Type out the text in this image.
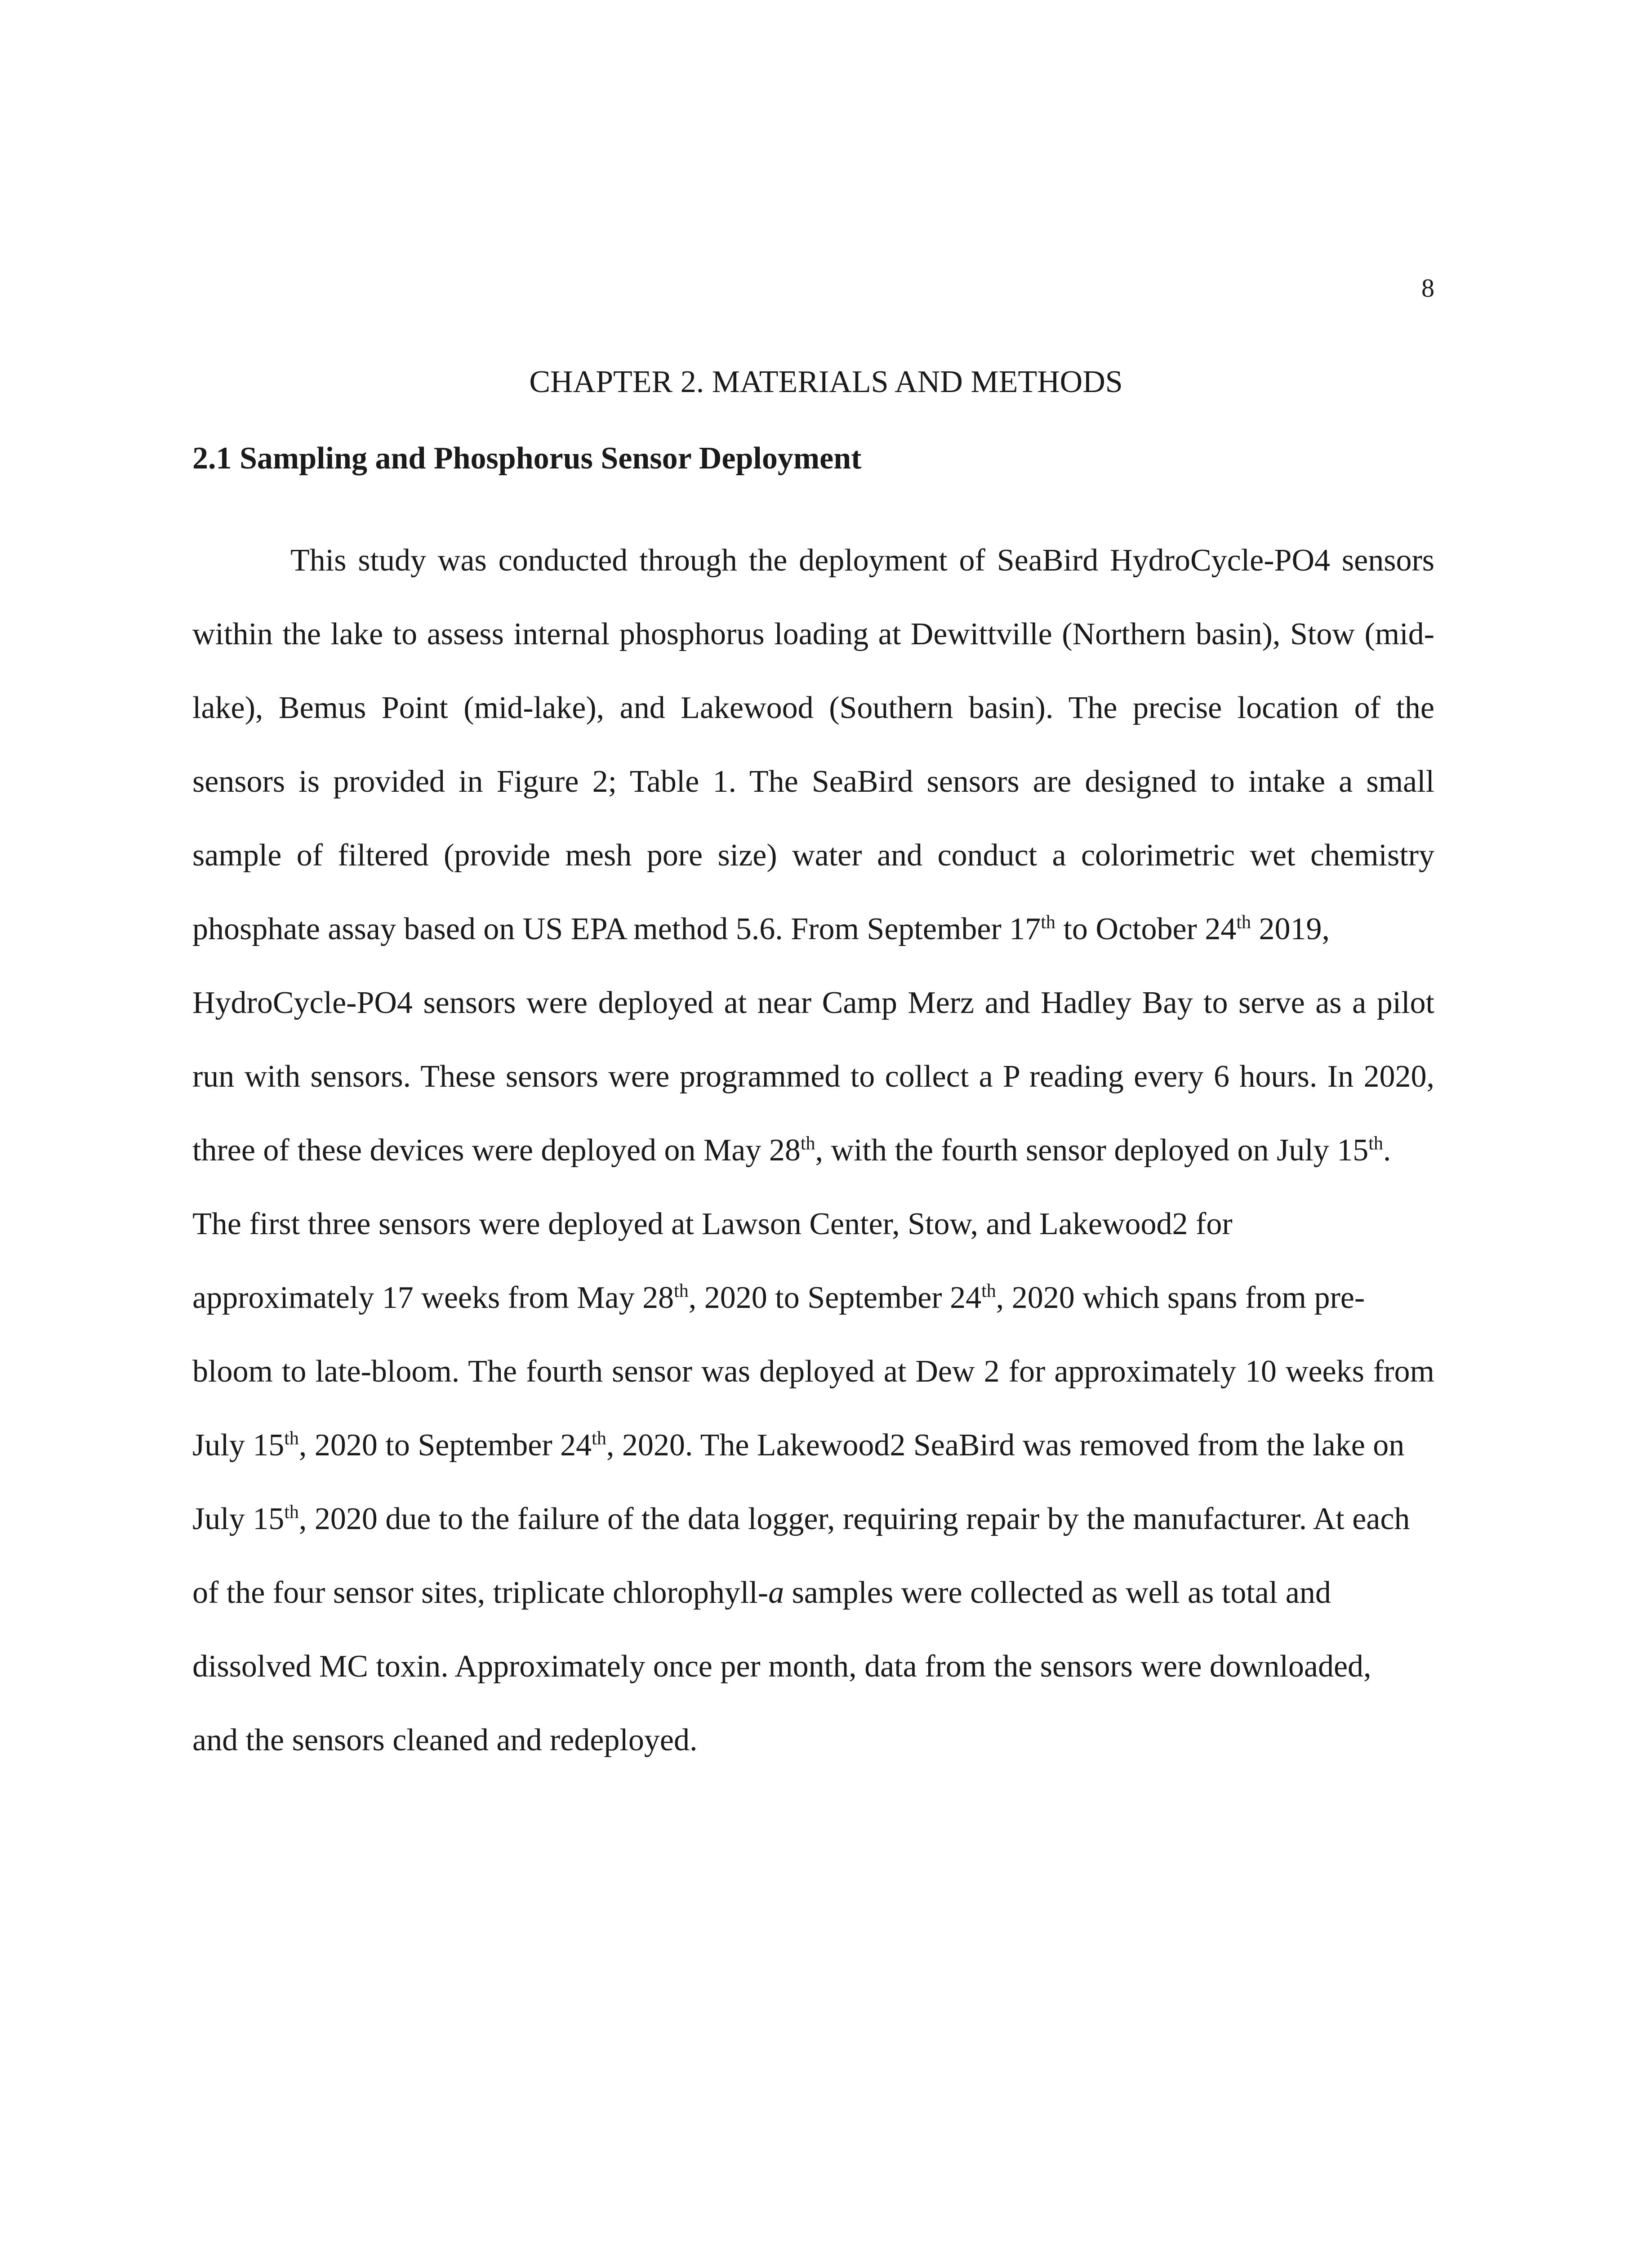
8
CHAPTER 2. MATERIALS AND METHODS
2.1 Sampling and Phosphorus Sensor Deployment
This study was conducted through the deployment of SeaBird HydroCycle-PO4 sensors
within the lake to assess internal phosphorus loading at Dewittville (Northern basin), Stow (mid-
lake), Bemus Point (mid-lake), and Lakewood (Southern basin). The precise location of the
sensors is provided in Figure 2; Table 1. The SeaBird sensors are designed to intake a small
sample of filtered (provide mesh pore size) water and conduct a colorimetric wet chemistry
phosphate assay based on US EPA method 5.6. From September 17th to October 24th 2019,
HydroCycle-PO4 sensors were deployed at near Camp Merz and Hadley Bay to serve as a pilot
run with sensors. These sensors were programmed to collect a P reading every 6 hours. In 2020,
three of these devices were deployed on May 28th, with the fourth sensor deployed on July 15th.
The first three sensors were deployed at Lawson Center, Stow, and Lakewood2 for
approximately 17 weeks from May 28th, 2020 to September 24th, 2020 which spans from pre-
bloom to late-bloom. The fourth sensor was deployed at Dew 2 for approximately 10 weeks from
July 15th, 2020 to September 24th, 2020. The Lakewood2 SeaBird was removed from the lake on
July 15th, 2020 due to the failure of the data logger, requiring repair by the manufacturer. At each
of the four sensor sites, triplicate chlorophyll-a samples were collected as well as total and
dissolved MC toxin. Approximately once per month, data from the sensors were downloaded,
and the sensors cleaned and redeployed.
